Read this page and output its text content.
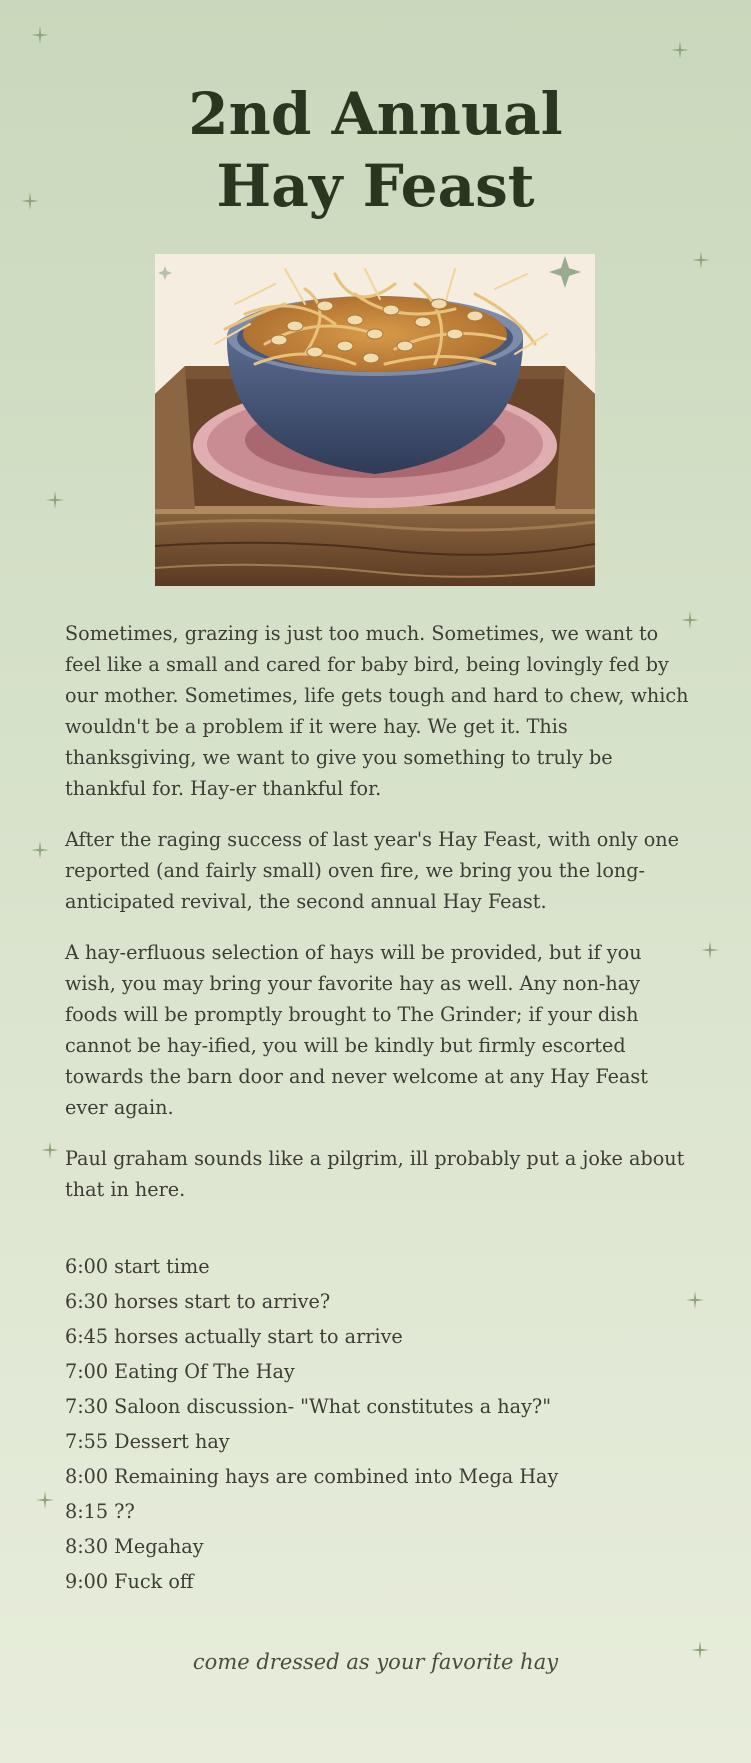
2nd Annual
Hay Feast

Sometimes, grazing is just too much. Sometimes, we want to feel like a small and cared for baby bird, being lovingly fed by our mother. Sometimes, life gets tough and hard to chew, which wouldn't be a problem if it were hay. We get it. This thanksgiving, we want to give you something to truly be thankful for. Hay-er thankful for.

After the raging success of last year's Hay Feast, with only one reported (and fairly small) oven fire, we bring you the long-anticipated revival, the second annual Hay Feast.

A hay-erfluous selection of hays will be provided, but if you wish, you may bring your favorite hay as well. Any non-hay foods will be promptly brought to The Grinder; if your dish cannot be hay-ified, you will be kindly but firmly escorted towards the barn door and never welcome at any Hay Feast ever again.

Paul graham sounds like a pilgrim, ill probably put a joke about that in here.

6:00 start time
6:30 horses start to arrive?
6:45 horses actually start to arrive
7:00 Eating Of The Hay
7:30 Saloon discussion- "What constitutes a hay?"
7:55 Dessert hay
8:00 Remaining hays are combined into Mega Hay
8:15 ??
8:30 Megahay
9:00 Fuck off
come dressed as your favorite hay
